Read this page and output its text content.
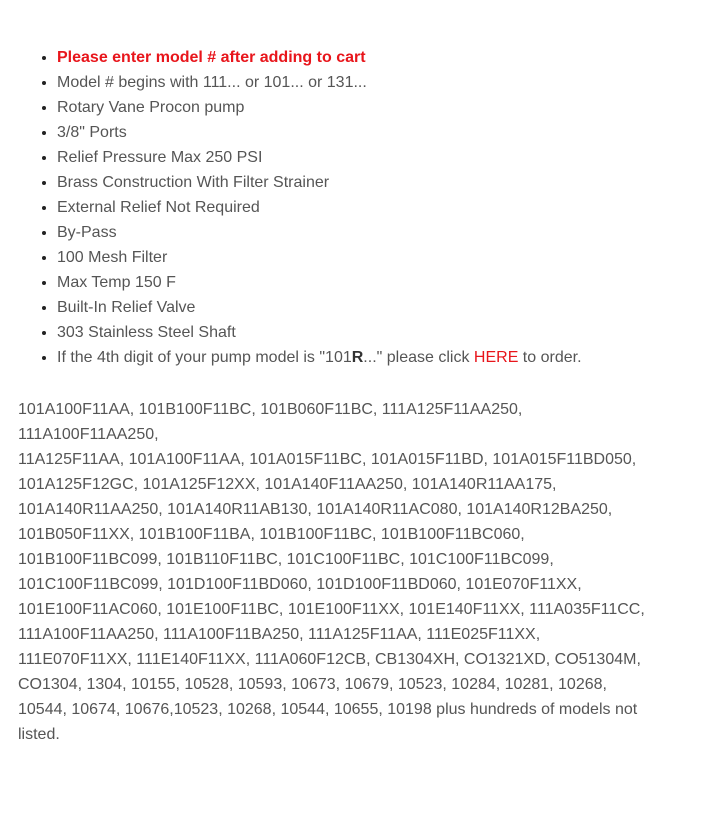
• Please enter model # after adding to cart
• Model # begins with 111... or 101... or 131...
• Rotary Vane Procon pump
• 3/8" Ports
• Relief Pressure Max 250 PSI
• Brass Construction With Filter Strainer
• External Relief Not Required
• By-Pass
• 100 Mesh Filter
• Max Temp 150 F
• Built-In Relief Valve
• 303 Stainless Steel Shaft
• If the 4th digit of your pump model is "101R..." please click HERE to order.
101A100F11AA, 101B100F11BC, 101B060F11BC, 111A125F11AA250, 111A100F11AA250,
11A125F11AA, 101A100F11AA, 101A015F11BC, 101A015F11BD, 101A015F11BD050, 101A125F12GC, 101A125F12XX, 101A140F11AA250, 101A140R11AA175, 101A140R11AA250, 101A140R11AB130, 101A140R11AC080, 101A140R12BA250, 101B050F11XX, 101B100F11BA, 101B100F11BC, 101B100F11BC060, 101B100F11BC099, 101B110F11BC, 101C100F11BC, 101C100F11BC099, 101C100F11BC099, 101D100F11BD060, 101D100F11BD060, 101E070F11XX, 101E100F11AC060, 101E100F11BC, 101E100F11XX, 101E140F11XX, 111A035F11CC, 111A100F11AA250, 111A100F11BA250, 111A125F11AA, 111E025F11XX, 111E070F11XX, 111E140F11XX, 111A060F12CB, CB1304XH, CO1321XD, CO51304M, CO1304, 1304, 10155, 10528, 10593, 10673, 10679, 10523, 10284, 10281, 10268, 10544, 10674, 10676,10523, 10268, 10544, 10655, 10198 plus hundreds of models not listed.
